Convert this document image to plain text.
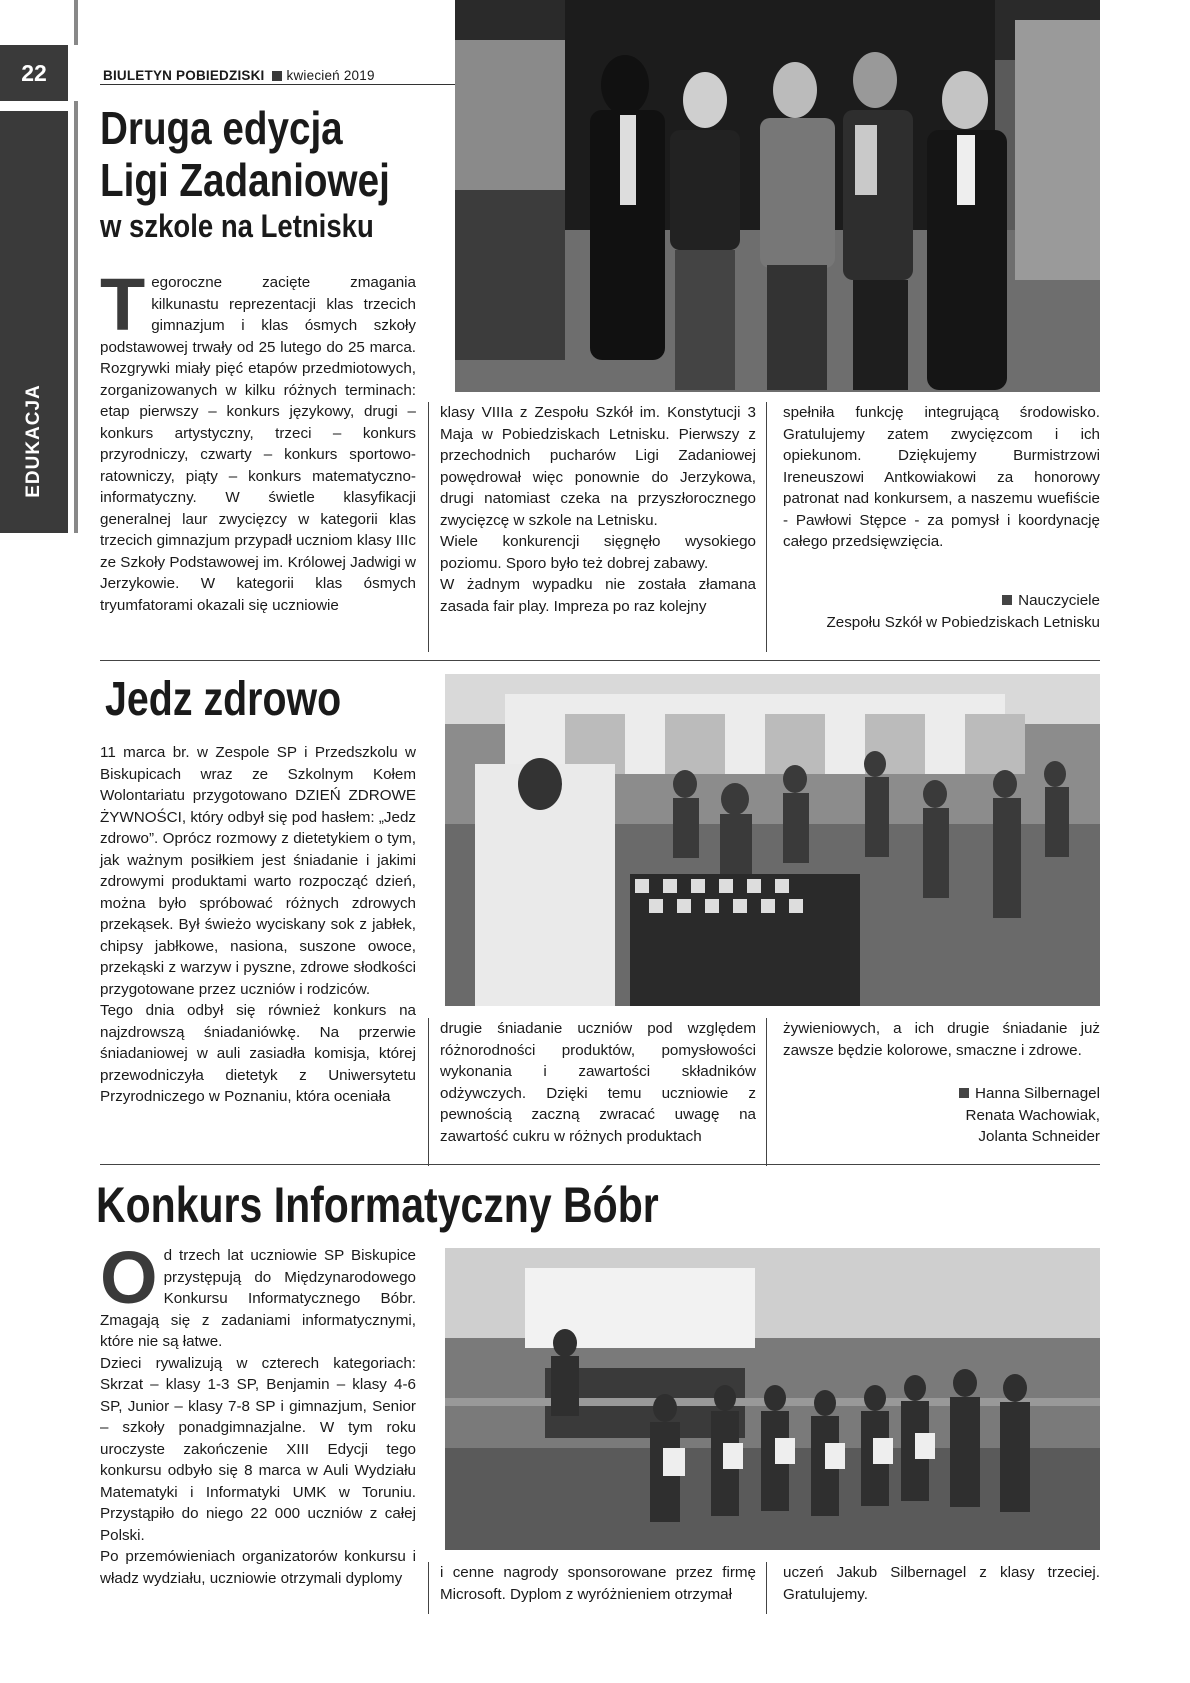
22
EDUKACJA
BIULETYN POBIEDZISKI kwiecień 2019
Druga edycja
Ligi Zadaniowej
w szkole na Letnisku
T egoroczne zacięte zmagania kilkunastu reprezentacji klas trzecich gimnazjum i klas ósmych szkoły podstawowej trwały od 25 lutego do 25 marca. Rozgrywki miały pięć etapów przedmiotowych, zorganizowanych w kilku różnych terminach: etap pierwszy – konkurs językowy, drugi – konkurs artystyczny, trzeci – konkurs przyrodniczy, czwarty – konkurs sportowo-ratowniczy, piąty – konkurs matematyczno-informatyczny. W świetle klasyfikacji generalnej laur zwycięzcy w kategorii klas trzecich gimnazjum przypadł uczniom klasy IIIc ze Szkoły Podstawowej im. Królowej Jadwigi w Jerzykowie. W kategorii klas ósmych tryumfatorami okazali się uczniowie

klasy VIIIa z Zespołu Szkół im. Konstytucji 3 Maja w Pobiedziskach Letnisku. Pierwszy z przechodnich pucharów Ligi Zadaniowej powędrował więc ponownie do Jerzykowa, drugi natomiast czeka na przyszłorocznego zwycięzcę w szkole na Letnisku.

Wiele konkurencji sięgnęło wysokiego poziomu. Sporo było też dobrej zabawy.

W żadnym wypadku nie została złamana zasada fair play. Impreza po raz kolejny

spełniła funkcję integrującą środowisko. Gratulujemy zatem zwycięzcom i ich opiekunom. Dziękujemy Burmistrzowi Ireneuszowi Antkowiakowi za honorowy patronat nad konkursem, a naszemu wuefiście - Pawłowi Stępce - za pomysł i koordynację całego przedsięwzięcia.

Nauczyciele
Zespołu Szkół w Pobiedziskach Letnisku
Jedz zdrowo

11 marca br. w Zespole SP i Przedszkolu w Biskupicach wraz ze Szkolnym Kołem Wolontariatu przygotowano DZIEŃ ZDROWE ŻYWNOŚCI, który odbył się pod hasłem: „Jedz zdrowo”. Oprócz rozmowy z dietetykiem o tym, jak ważnym posiłkiem jest śniadanie i jakimi zdrowymi produktami warto rozpocząć dzień, można było spróbować różnych zdrowych przekąsek. Był świeżo wyciskany sok z jabłek, chipsy jabłkowe, nasiona, suszone owoce, przekąski z warzyw i pyszne, zdrowe słodkości przygotowane przez uczniów i rodziców.

Tego dnia odbył się również konkurs na najzdrowszą śniadaniówkę. Na przerwie śniadaniowej w auli zasiadła komisja, której przewodniczyła dietetyk z Uniwersytetu Przyrodniczego w Poznaniu, która oceniała

drugie śniadanie uczniów pod względem różnorodności produktów, pomysłowości wykonania i zawartości składników odżywczych. Dzięki temu uczniowie z pewnością zaczną zwracać uwagę na zawartość cukru w różnych produktach

żywieniowych, a ich drugie śniadanie już zawsze będzie kolorowe, smaczne i zdrowe.

Hanna Silbernagel
Renata Wachowiak,
Jolanta Schneider
Konkurs Informatyczny Bóbr
O d trzech lat uczniowie SP Biskupice przystępują do Międzynarodowego Konkursu Informatycznego Bóbr. Zmagają się z zadaniami informatycznymi, które nie są łatwe.

Dzieci rywalizują w czterech kategoriach: Skrzat – klasy 1-3 SP, Benjamin – klasy 4-6 SP, Junior – klasy 7-8 SP i gimnazjum, Senior – szkoły ponadgimnazjalne. W tym roku uroczyste zakończenie XIII Edycji tego konkursu odbyło się 8 marca w Auli Wydziału Matematyki i Informatyki UMK w Toruniu. Przystąpiło do niego 22 000 uczniów z całej Polski.

Po przemówieniach organizatorów konkursu i władz wydziału, uczniowie otrzymali dyplomy	i cenne nagrody sponsorowane przez firmę Microsoft. Dyplom z wyróżnieniem otrzymał

uczeń Jakub Silbernagel z klasy trzeciej. Gratulujemy.
